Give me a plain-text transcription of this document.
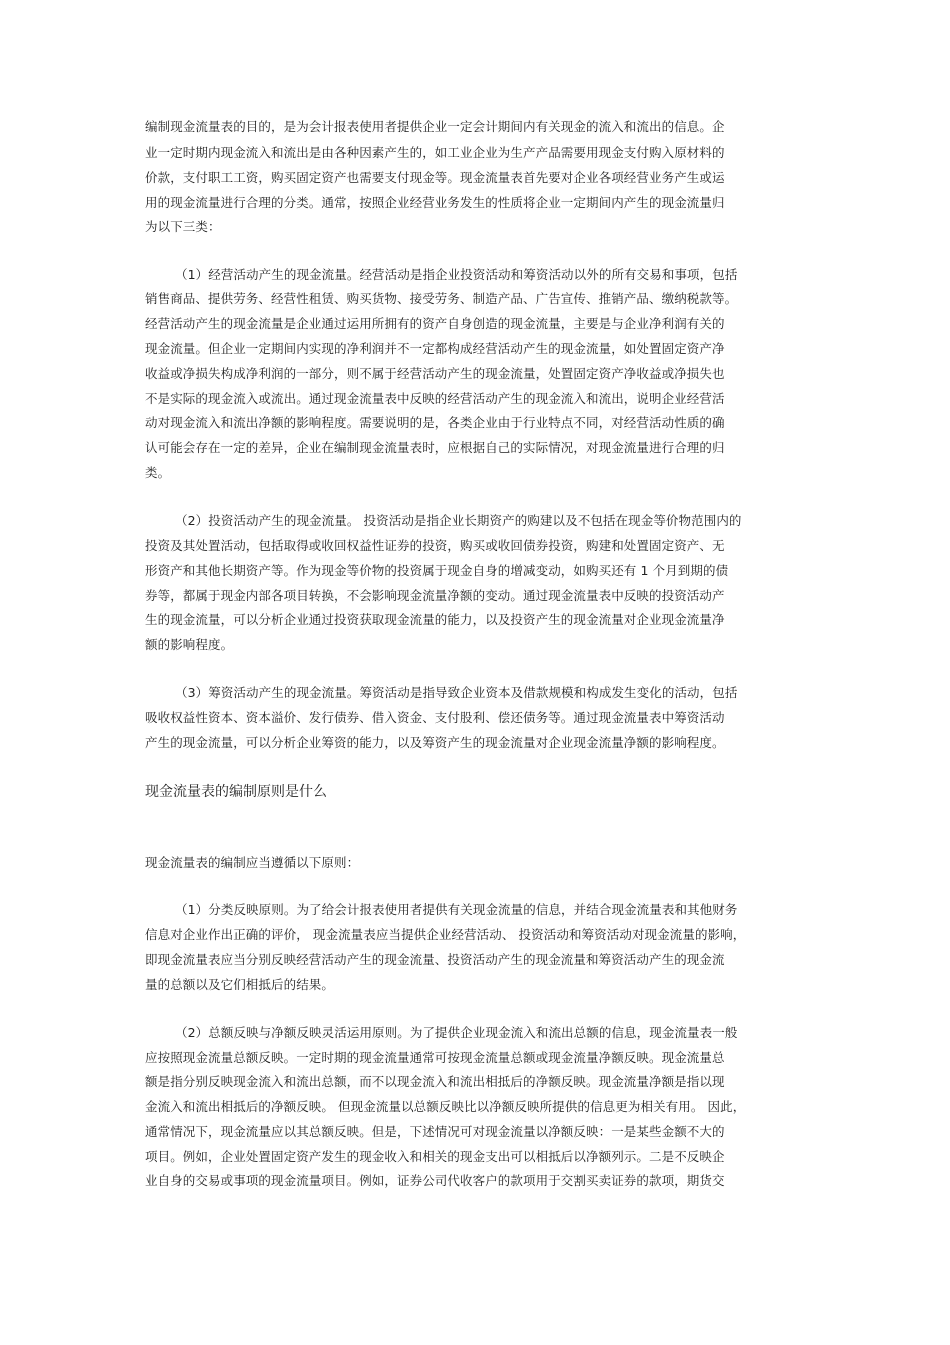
编制现金流量表的目的，是为会计报表使用者提供企业一定会计期间内有关现金的流入和流出的信息。企
业一定时期内现金流入和流出是由各种因素产生的，如工业企业为生产产品需要用现金支付购入原材料的
价款，支付职工工资，购买固定资产也需要支付现金等。现金流量表首先要对企业各项经营业务产生或运
用的现金流量进行合理的分类。通常，按照企业经营业务发生的性质将企业一定期间内产生的现金流量归
为以下三类：
（1）经营活动产生的现金流量。经营活动是指企业投资活动和筹资活动以外的所有交易和事项，包括
销售商品、提供劳务、经营性租赁、购买货物、接受劳务、制造产品、广告宣传、推销产品、缴纳税款等。
经营活动产生的现金流量是企业通过运用所拥有的资产自身创造的现金流量，主要是与企业净利润有关的
现金流量。但企业一定期间内实现的净利润并不一定都构成经营活动产生的现金流量，如处置固定资产净
收益或净损失构成净利润的一部分，则不属于经营活动产生的现金流量，处置固定资产净收益或净损失也
不是实际的现金流入或流出。通过现金流量表中反映的经营活动产生的现金流入和流出，说明企业经营活
动对现金流入和流出净额的影响程度。需要说明的是，各类企业由于行业特点不同，对经营活动性质的确
认可能会存在一定的差异，企业在编制现金流量表时，应根据自己的实际情况，对现金流量进行合理的归
类。
（2）投资活动产生的现金流量。 投资活动是指企业长期资产的购建以及不包括在现金等价物范围内的
投资及其处置活动，包括取得或收回权益性证券的投资，购买或收回债券投资，购建和处置固定资产、无
形资产和其他长期资产等。作为现金等价物的投资属于现金自身的增减变动，如购买还有 1 个月到期的债
券等，都属于现金内部各项目转换，不会影响现金流量净额的变动。通过现金流量表中反映的投资活动产
生的现金流量，可以分析企业通过投资获取现金流量的能力，以及投资产生的现金流量对企业现金流量净
额的影响程度。
（3）筹资活动产生的现金流量。筹资活动是指导致企业资本及借款规模和构成发生变化的活动，包括
吸收权益性资本、资本溢价、发行债券、借入资金、支付股利、偿还债务等。通过现金流量表中筹资活动
产生的现金流量，可以分析企业筹资的能力，以及筹资产生的现金流量对企业现金流量净额的影响程度。
现金流量表的编制原则是什么
现金流量表的编制应当遵循以下原则：
（1）分类反映原则。为了给会计报表使用者提供有关现金流量的信息，并结合现金流量表和其他财务
信息对企业作出正确的评价， 现金流量表应当提供企业经营活动、 投资活动和筹资活动对现金流量的影响，
即现金流量表应当分别反映经营活动产生的现金流量、投资活动产生的现金流量和筹资活动产生的现金流
量的总额以及它们相抵后的结果。
（2）总额反映与净额反映灵活运用原则。为了提供企业现金流入和流出总额的信息，现金流量表一般
应按照现金流量总额反映。一定时期的现金流量通常可按现金流量总额或现金流量净额反映。现金流量总
额是指分别反映现金流入和流出总额，而不以现金流入和流出相抵后的净额反映。现金流量净额是指以现
金流入和流出相抵后的净额反映。 但现金流量以总额反映比以净额反映所提供的信息更为相关有用。 因此，
通常情况下，现金流量应以其总额反映。但是，下述情况可对现金流量以净额反映：一是某些金额不大的
项目。例如，企业处置固定资产发生的现金收入和相关的现金支出可以相抵后以净额列示。二是不反映企
业自身的交易或事项的现金流量项目。例如，证券公司代收客户的款项用于交割买卖证券的款项，期货交
